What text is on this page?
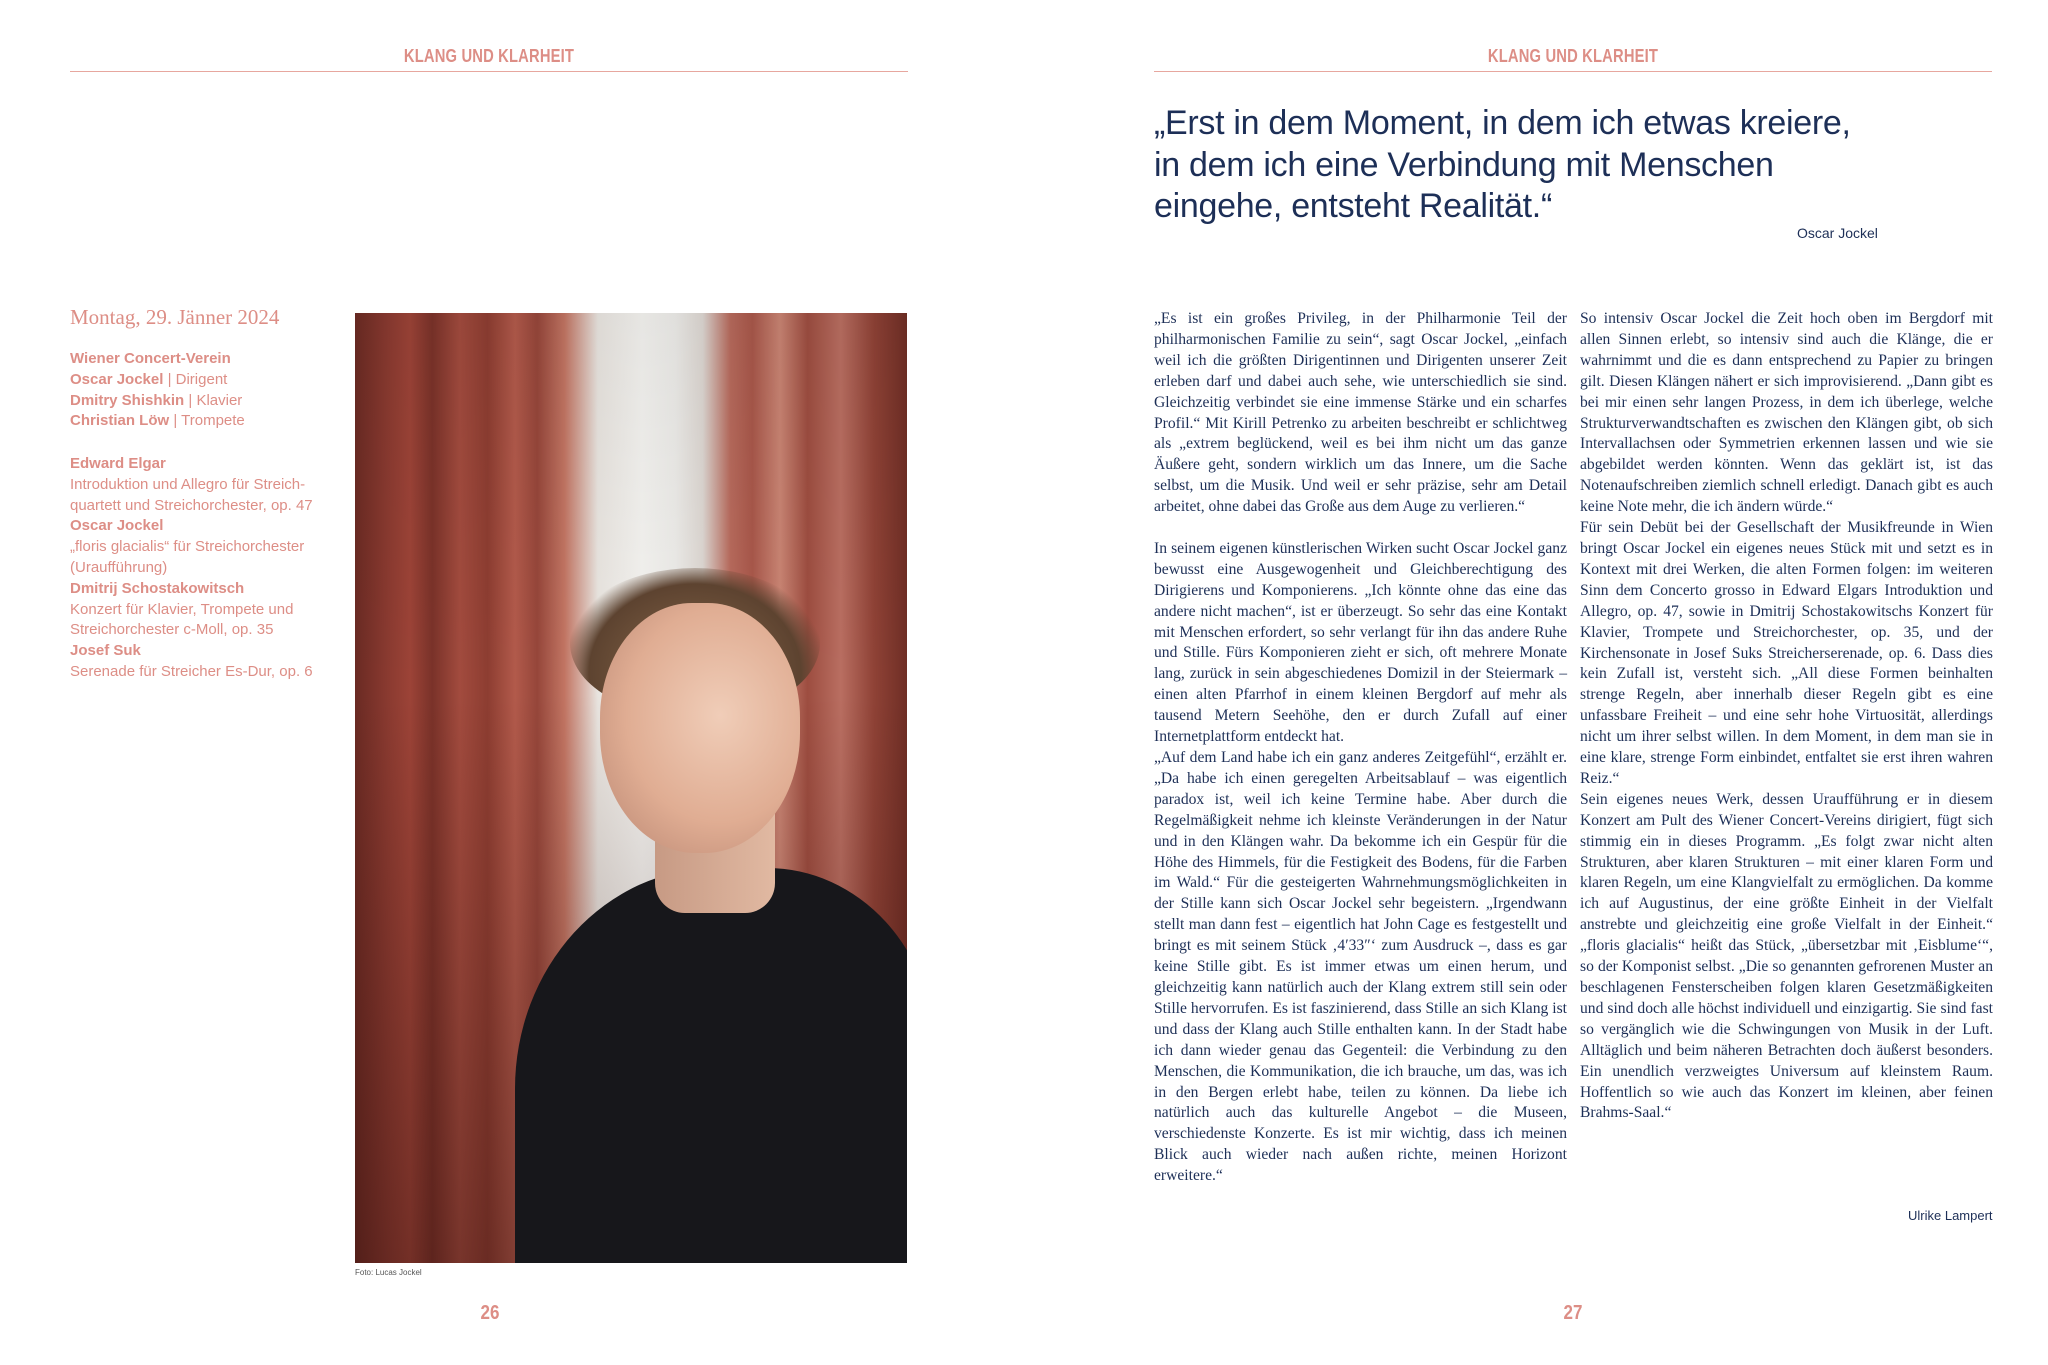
KLANG UND KLARHEIT
Montag, 29. Jänner 2024
Wiener Concert-Verein
Oscar Jockel | Dirigent
Dmitry Shishkin | Klavier
Christian Löw | Trompete
Edward Elgar
Introduktion und Allegro für Streich-
quartett und Streichorchester, op. 47
Oscar Jockel
„floris glacialis“ für Streichorchester
(Uraufführung)
Dmitrij Schostakowitsch
Konzert für Klavier, Trompete und
Streichorchester c-Moll, op. 35
Josef Suk
Serenade für Streicher Es-Dur, op. 6
Foto: Lucas Jockel
26
KLANG UND KLARHEIT
„Erst in dem Moment, in dem ich etwas kreiere,
in dem ich eine Verbindung mit Menschen
eingehe, entsteht Realität.“
Oscar Jockel

„Es ist ein großes Privileg, in der Philharmonie Teil der philharmonischen Familie zu sein“, sagt Oscar Jockel, „einfach weil ich die größten Dirigentinnen und Dirigenten unserer Zeit erleben darf und dabei auch sehe, wie unterschiedlich sie sind. Gleichzeitig verbindet sie eine immense Stärke und ein scharfes Profil.“ Mit Kirill Petrenko zu arbeiten beschreibt er schlichtweg als „extrem beglückend, weil es bei ihm nicht um das ganze Äußere geht, sondern wirklich um das Innere, um die Sache selbst, um die Musik. Und weil er sehr präzise, sehr am Detail arbeitet, ohne dabei das Große aus dem Auge zu verlieren.“

In seinem eigenen künstlerischen Wirken sucht Oscar Jockel ganz bewusst eine Ausgewogenheit und Gleichberechtigung des Dirigierens und Komponierens. „Ich könnte ohne das eine das andere nicht machen“, ist er überzeugt. So sehr das eine Kontakt mit Menschen erfordert, so sehr verlangt für ihn das andere Ruhe und Stille. Fürs Komponieren zieht er sich, oft mehrere Monate lang, zurück in sein abgeschiedenes Domizil in der Steiermark – einen alten Pfarrhof in einem kleinen Bergdorf auf mehr als tausend Metern Seehöhe, den er durch Zufall auf einer Internetplattform entdeckt hat.

„Auf dem Land habe ich ein ganz anderes Zeitgefühl“, erzählt er. „Da habe ich einen geregelten Arbeitsablauf – was eigentlich paradox ist, weil ich keine Termine habe. Aber durch die Regelmäßigkeit nehme ich kleinste Veränderungen in der Natur und in den Klängen wahr. Da bekomme ich ein Gespür für die Höhe des Himmels, für die Festigkeit des Bodens, für die Farben im Wald.“ Für die gesteigerten Wahrnehmungsmöglichkeiten in der Stille kann sich Oscar Jockel sehr begeistern. „Irgendwann stellt man dann fest – eigentlich hat John Cage es festgestellt und bringt es mit seinem Stück ‚4′33″‘ zum Ausdruck –, dass es gar keine Stille gibt. Es ist immer etwas um einen herum, und gleichzeitig kann natürlich auch der Klang extrem still sein oder Stille hervorrufen. Es ist faszinierend, dass Stille an sich Klang ist und dass der Klang auch Stille enthalten kann. In der Stadt habe ich dann wieder genau das Gegenteil: die Verbindung zu den Menschen, die Kommunikation, die ich brauche, um das, was ich in den Bergen erlebt habe, teilen zu können. Da liebe ich natürlich auch das kulturelle Angebot – die Museen, verschiedenste Konzerte. Es ist mir wichtig, dass ich meinen Blick auch wieder nach außen richte, meinen Horizont erweitere.“

So intensiv Oscar Jockel die Zeit hoch oben im Bergdorf mit allen Sinnen erlebt, so intensiv sind auch die Klänge, die er wahrnimmt und die es dann entsprechend zu Papier zu bringen gilt. Diesen Klängen nähert er sich improvisierend. „Dann gibt es bei mir einen sehr langen Prozess, in dem ich überlege, welche Strukturverwandtschaften es zwischen den Klängen gibt, ob sich Intervallachsen oder Symmetrien erkennen lassen und wie sie abgebildet werden könnten. Wenn das geklärt ist, ist das Notenaufschreiben ziemlich schnell erledigt. Danach gibt es auch keine Note mehr, die ich ändern würde.“

Für sein Debüt bei der Gesellschaft der Musikfreunde in Wien bringt Oscar Jockel ein eigenes neues Stück mit und setzt es in Kontext mit drei Werken, die alten Formen folgen: im weiteren Sinn dem Concerto grosso in Edward Elgars Introduktion und Allegro, op. 47, sowie in Dmitrij Schostakowitschs Konzert für Klavier, Trompete und Streichorchester, op. 35, und der Kirchensonate in Josef Suks Streicherserenade, op. 6. Dass dies kein Zufall ist, versteht sich. „All diese Formen beinhalten strenge Regeln, aber innerhalb dieser Regeln gibt es eine unfassbare Freiheit – und eine sehr hohe Virtuosität, allerdings nicht um ihrer selbst willen. In dem Moment, in dem man sie in eine klare, strenge Form einbindet, entfaltet sie erst ihren wahren Reiz.“

Sein eigenes neues Werk, dessen Uraufführung er in diesem Konzert am Pult des Wiener Concert-Vereins dirigiert, fügt sich stimmig ein in dieses Programm. „Es folgt zwar nicht alten Strukturen, aber klaren Strukturen – mit einer klaren Form und klaren Regeln, um eine Klangvielfalt zu ermöglichen. Da komme ich auf Augustinus, der eine größte Einheit in der Vielfalt anstrebte und gleichzeitig eine große Vielfalt in der Einheit.“ „floris glacialis“ heißt das Stück, „übersetzbar mit ‚Eisblume‘“, so der Komponist selbst. „Die so genannten gefrorenen Muster an beschlagenen Fensterscheiben folgen klaren Gesetzmäßigkeiten und sind doch alle höchst individuell und einzigartig. Sie sind fast so vergänglich wie die Schwingungen von Musik in der Luft. Alltäglich und beim näheren Betrachten doch äußerst besonders. Ein unendlich verzweigtes Universum auf kleinstem Raum. Hoffentlich so wie auch das Konzert im kleinen, aber feinen Brahms-Saal.“

Ulrike Lampert
27
